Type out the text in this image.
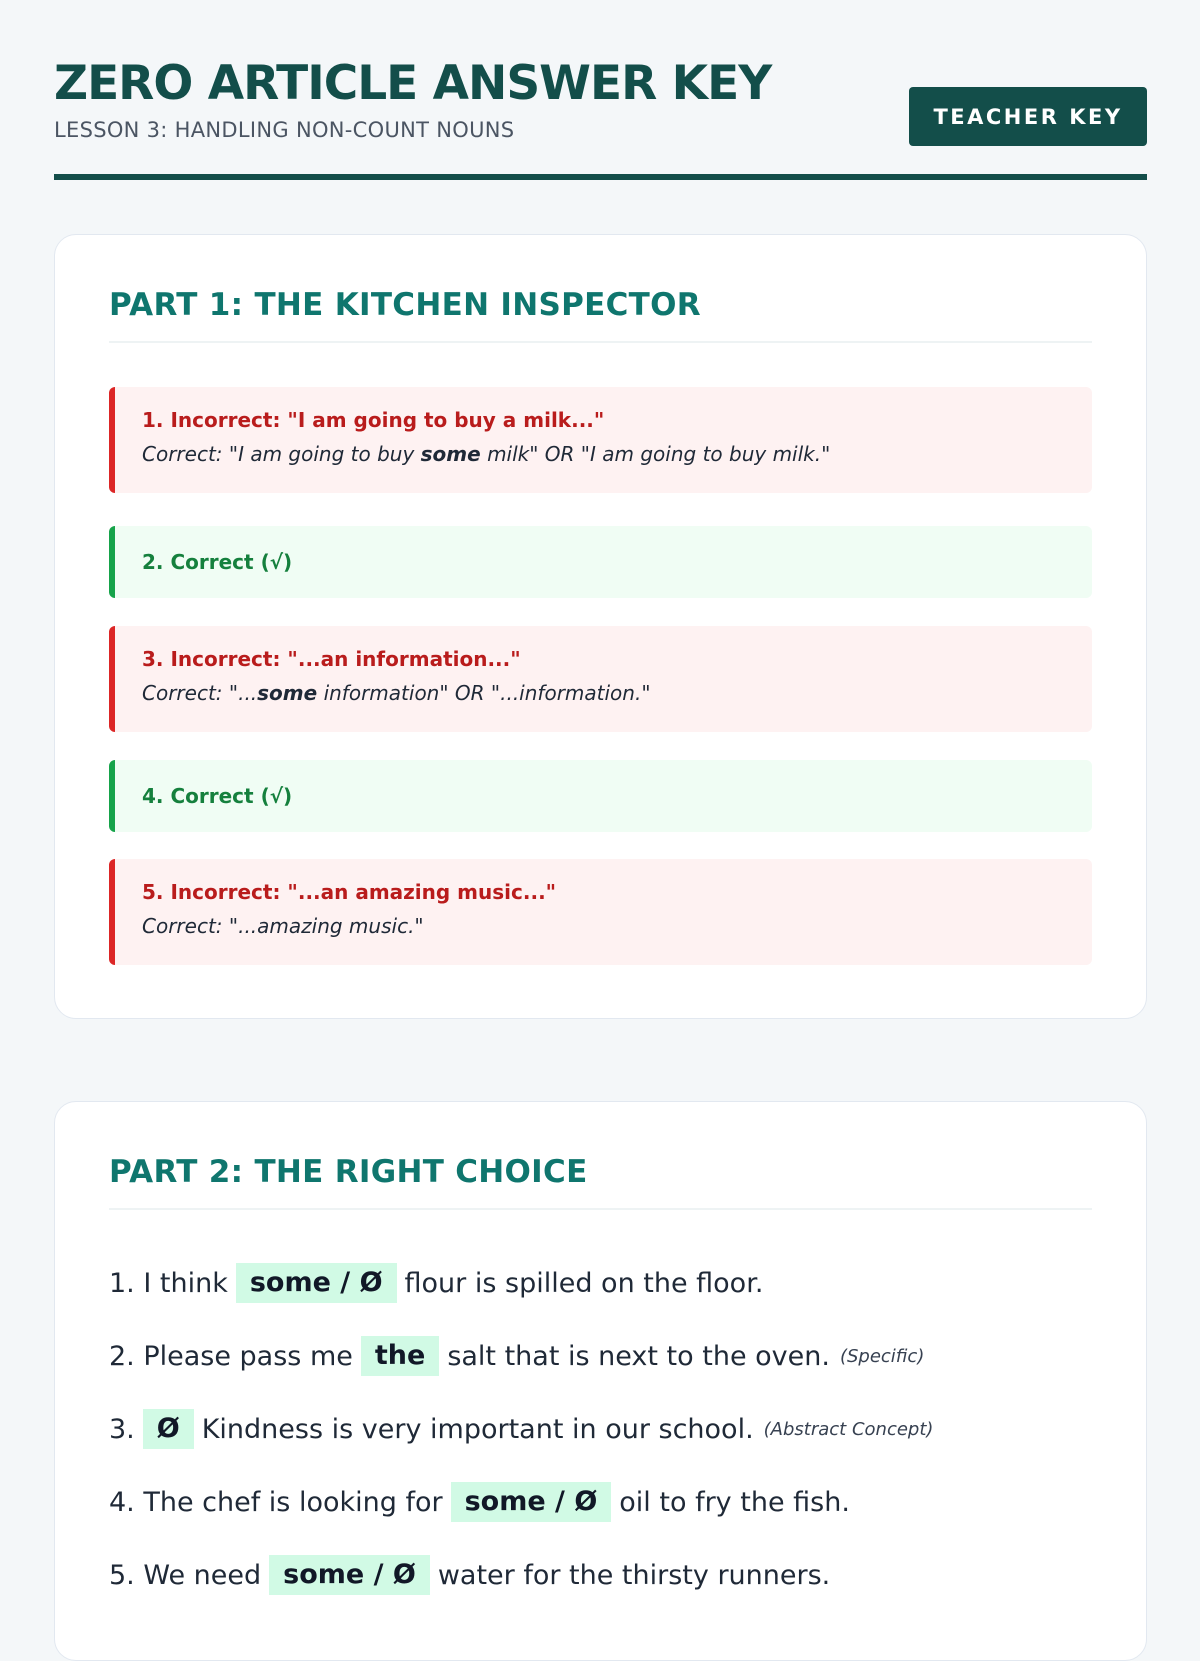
ZERO ARTICLE ANSWER KEY
LESSON 3: HANDLING NON-COUNT NOUNS
TEACHER KEY
PART 1: THE KITCHEN INSPECTOR
1. Incorrect: "I am going to buy a milk..."
Correct: "I am going to buy some milk" OR "I am going to buy milk."
2. Correct (√)
3. Incorrect: "...an information..."
Correct: "...some information" OR "...information."
4. Correct (√)
5. Incorrect: "...an amazing music..."
Correct: "...amazing music."
PART 2: THE RIGHT CHOICE
1. I think some / Ø flour is spilled on the floor.
2. Please pass me the salt that is next to the oven. (Specific)
3. Ø Kindness is very important in our school. (Abstract Concept)
4. The chef is looking for some / Ø oil to fry the fish.
5. We need some / Ø water for the thirsty runners.
